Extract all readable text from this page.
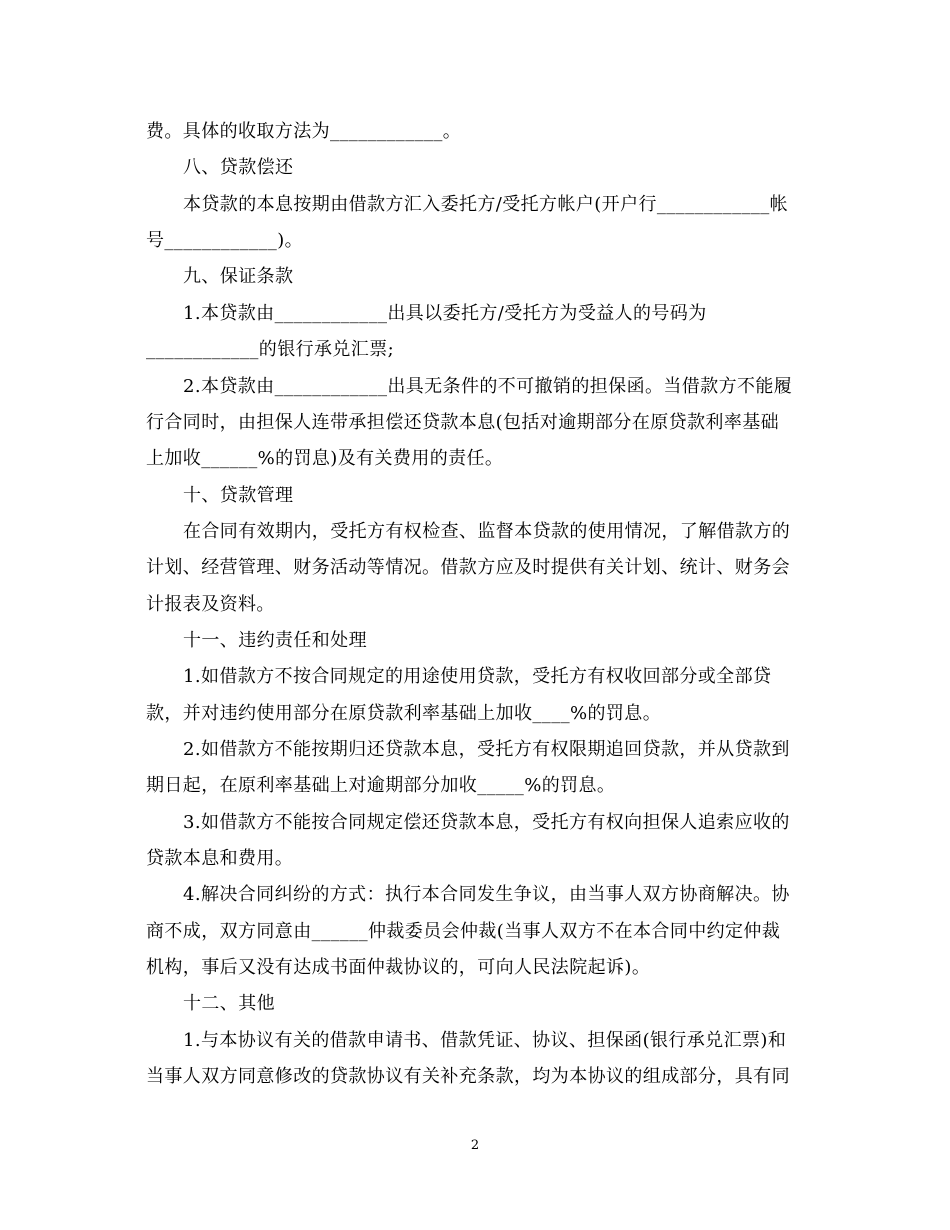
费。具体的收取方法为____________。
八、贷款偿还
本贷款的本息按期由借款方汇入委托方/受托方帐户(开户行____________帐
号____________)。
九、保证条款
1.本贷款由____________出具以委托方/受托方为受益人的号码为
____________的银行承兑汇票;
2.本贷款由____________出具无条件的不可撤销的担保函。当借款方不能履
行合同时，由担保人连带承担偿还贷款本息(包括对逾期部分在原贷款利率基础
上加收______%的罚息)及有关费用的责任。
十、贷款管理
在合同有效期内，受托方有权检查、监督本贷款的使用情况，了解借款方的
计划、经营管理、财务活动等情况。借款方应及时提供有关计划、统计、财务会
计报表及资料。
十一、违约责任和处理
1.如借款方不按合同规定的用途使用贷款，受托方有权收回部分或全部贷
款，并对违约使用部分在原贷款利率基础上加收____%的罚息。
2.如借款方不能按期归还贷款本息，受托方有权限期追回贷款，并从贷款到
期日起，在原利率基础上对逾期部分加收_____%的罚息。
3.如借款方不能按合同规定偿还贷款本息，受托方有权向担保人追索应收的
贷款本息和费用。
4.解决合同纠纷的方式：执行本合同发生争议，由当事人双方协商解决。协
商不成，双方同意由______仲裁委员会仲裁(当事人双方不在本合同中约定仲裁
机构，事后又没有达成书面仲裁协议的，可向人民法院起诉)。
十二、其他
1.与本协议有关的借款申请书、借款凭证、协议、担保函(银行承兑汇票)和
当事人双方同意修改的贷款协议有关补充条款，均为本协议的组成部分，具有同
2
